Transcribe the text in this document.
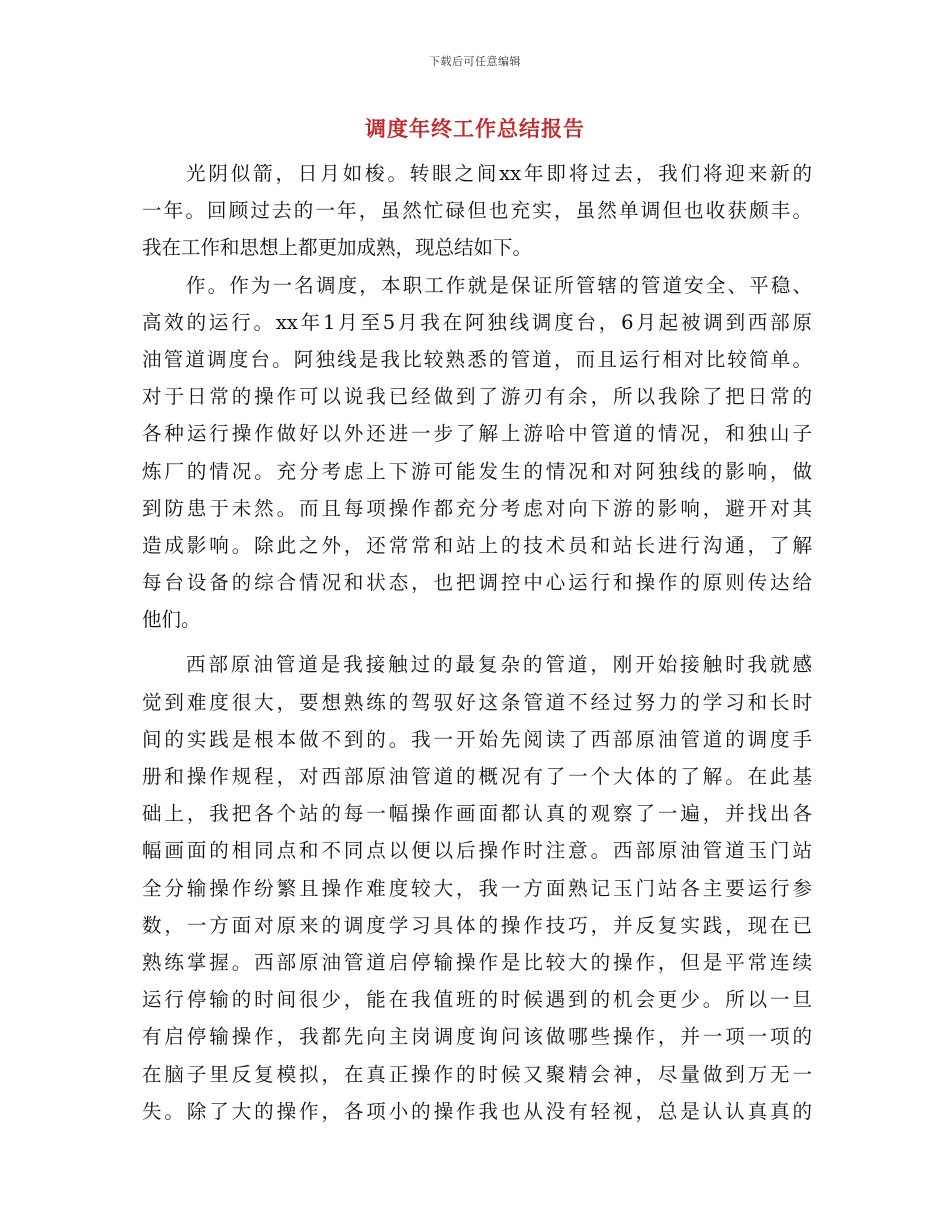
下载后可任意编辑
调度年终工作总结报告
光阴似箭，日月如梭。转眼之间xx年即将过去，我们将迎来新的
一年。回顾过去的一年，虽然忙碌但也充实，虽然单调但也收获颇丰。
我在工作和思想上都更加成熟，现总结如下。
作。作为一名调度，本职工作就是保证所管辖的管道安全、平稳、
高效的运行。xx年1月至5月我在阿独线调度台，6月起被调到西部原
油管道调度台。阿独线是我比较熟悉的管道，而且运行相对比较简单。
对于日常的操作可以说我已经做到了游刃有余，所以我除了把日常的
各种运行操作做好以外还进一步了解上游哈中管道的情况，和独山子
炼厂的情况。充分考虑上下游可能发生的情况和对阿独线的影响，做
到防患于未然。而且每项操作都充分考虑对向下游的影响，避开对其
造成影响。除此之外，还常常和站上的技术员和站长进行沟通，了解
每台设备的综合情况和状态，也把调控中心运行和操作的原则传达给
他们。
西部原油管道是我接触过的最复杂的管道，刚开始接触时我就感
觉到难度很大，要想熟练的驾驭好这条管道不经过努力的学习和长时
间的实践是根本做不到的。我一开始先阅读了西部原油管道的调度手
册和操作规程，对西部原油管道的概况有了一个大体的了解。在此基
础上，我把各个站的每一幅操作画面都认真的观察了一遍，并找出各
幅画面的相同点和不同点以便以后操作时注意。西部原油管道玉门站
全分输操作纷繁且操作难度较大，我一方面熟记玉门站各主要运行参
数，一方面对原来的调度学习具体的操作技巧，并反复实践，现在已
熟练掌握。西部原油管道启停输操作是比较大的操作，但是平常连续
运行停输的时间很少，能在我值班的时候遇到的机会更少。所以一旦
有启停输操作，我都先向主岗调度询问该做哪些操作，并一项一项的
在脑子里反复模拟，在真正操作的时候又聚精会神，尽量做到万无一
失。除了大的操作，各项小的操作我也从没有轻视，总是认认真真的
